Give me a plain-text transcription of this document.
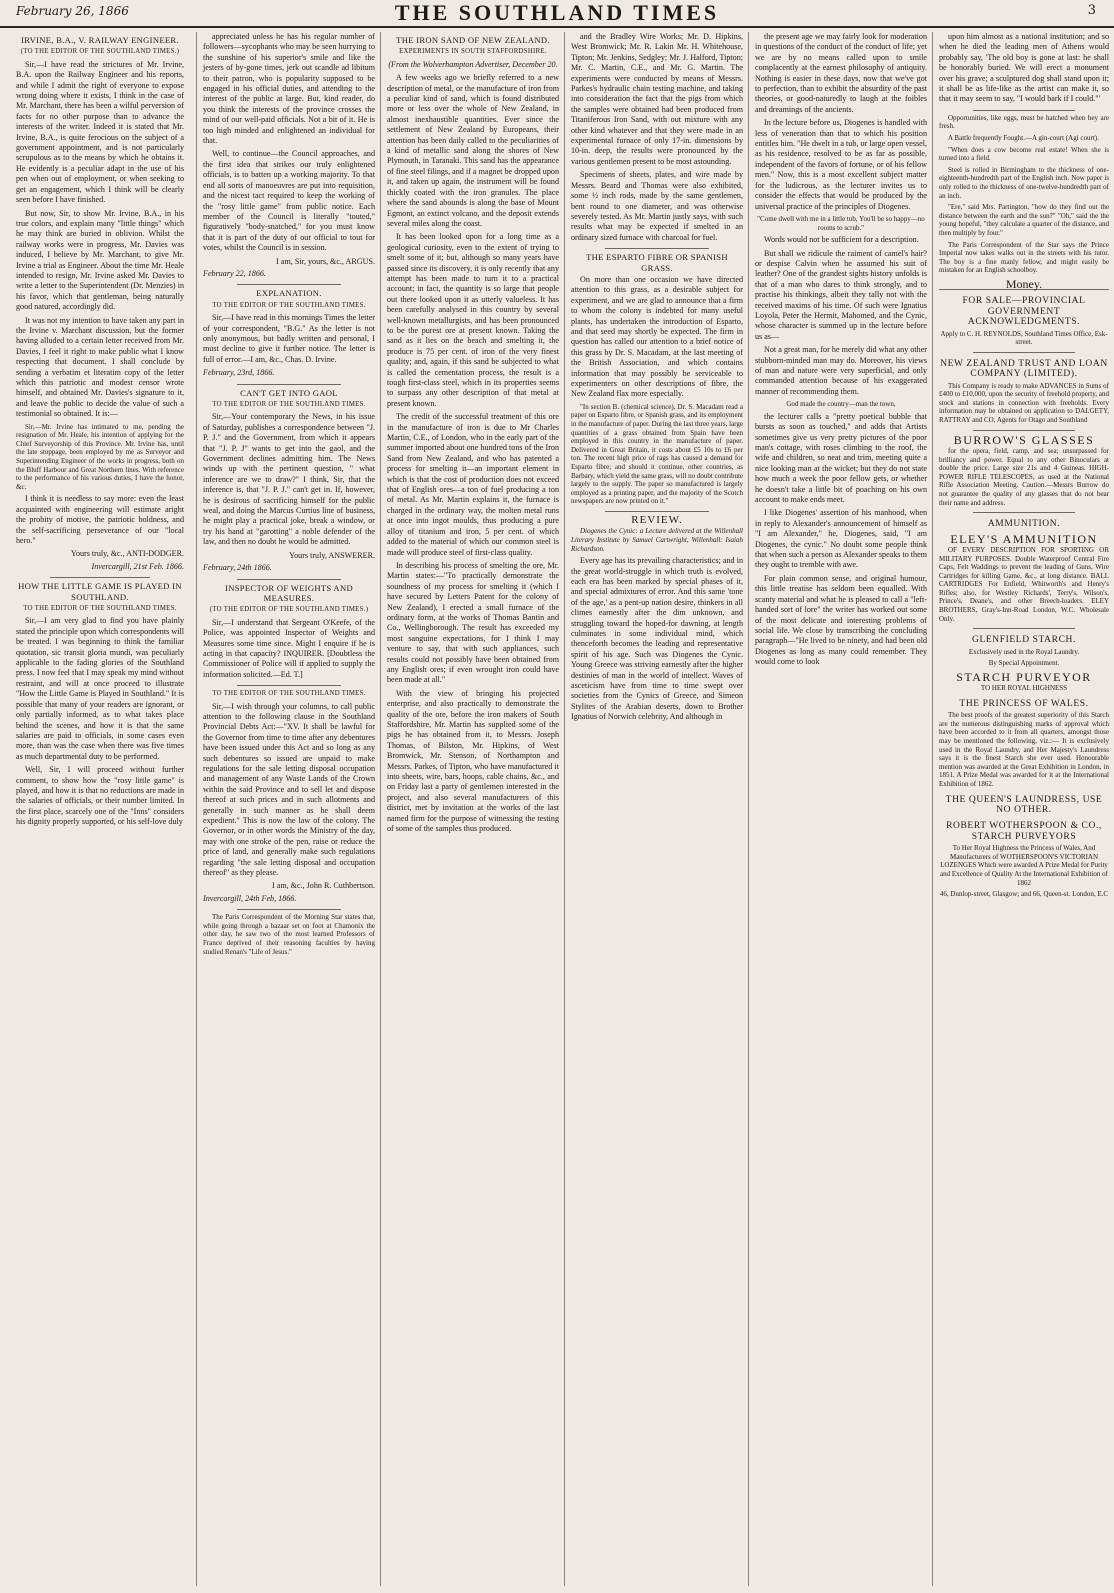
February 26, 1866	THE SOUTHLAND TIMES	3
IRVINE, B.A., V. RAILWAY ENGINEER.
(TO THE EDITOR OF THE SOUTHLAND TIMES.)

Sir,—I have read the strictures of Mr. Irvine, B.A. upon the Railway Engineer and his reports, and while I admit the right of everyone to expose wrong doing where it exists, I think in the case of Mr. Marchant, there has been a wilful perversion of facts for no other purpose than to advance the interests of the writer. Indeed it is stated that Mr. Irvine, B.A., is quite ferocious on the subject of a government appointment, and is not particularly scrupulous as to the means by which he obtains it. He evidently is a peculiar adapt in the use of his pen when out of employment, or when seeking to get an engagement, which I think will be clearly seen before I have finished.

But now, Sir, to show Mr. Irvine, B.A., in his true colors, and explain many "little things" which he may think are buried in oblivion. Whilst the railway works were in progress, Mr. Davies was induced, I believe by Mr. Marchant, to give Mr. Irvine a trial as Engineer. About the time Mr. Heale intended to resign, Mr. Irvine asked Mr. Davies to write a letter to the Superintendent (Dr. Menzies) in his favor, which that gentleman, being naturally good natured, accordingly did.

It was not my intention to have taken any part in the Irvine v. Marchant discussion, but the former having alluded to a certain letter received from Mr. Davies, I feel it right to make public what I know respecting that document. I shall conclude by sending a verbatim et literatim copy of the letter which this patriotic and modest censor wrote himself, and obtained Mr. Davies's signature to it, and leave the public to decide the value of such a testimonial so obtained. It is:—

Sir,—Mr. Irvine has intimated to me, pending the resignation of Mr. Heale, his intention of applying for the Chief Surveyorship of this Province. Mr. Irvine has, until the late stoppage, been employed by me as Surveyor and Superintending Engineer of the works in progress, both on the Bluff Harbour and Great Northern lines. With reference to the performance of his various duties, I have the honor, &c.

I think it is needless to say more: even the least acquainted with engineering will estimate aright the probity of motive, the patriotic boldness, and the self-sacrificing perseverance of our "local hero."

Yours truly, &c., ANTI-DODGER.
Invercargill, 21st Feb. 1866.
HOW THE LITTLE GAME IS PLAYED IN SOUTHLAND.
TO THE EDITOR OF THE SOUTHLAND TIMES.

Sir,—I am very glad to find you have plainly stated the principle upon which correspondents will be treated. I was beginning to think the familiar quotation, sic transit gloria mundi, was peculiarly applicable to the fading glories of the Southland press. I now feel that I may speak my mind without restraint, and will at once proceed to illustrate "How the Little Game is Played in Southland." It is possible that many of your readers are ignorant, or only partially informed, as to what takes place behind the scenes, and how it is that the same salaries are paid to officials, in some cases even more, than was the case when there was five times as much departmental duty to be performed.

Well, Sir, I will proceed without further comment, to show how the "rosy little game" is played, and how it is that no reductions are made in the salaries of officials, or their number limited. In the first place, scarcely one of the "Inns" considers his dignity properly supported, or his self-love duly

appreciated unless he has his regular number of followers—sycophants who may be seen hurrying to the sunshine of his superior's smile and like the jesters of by-gone times, jerk out scandle ad libitum to their patron, who is popularity supposed to be engaged in his official duties, and attending to the interest of the public at large. But, kind reader, do you think the interests of the province crosses the mind of our well-paid officials. Not a bit of it. He is too high minded and enlightened an individual for that.

Well, to continue—the Council approaches, and the first idea that strikes our truly enlightened officials, is to batten up a working majority. To that end all sorts of manoeuvres are put into requisition, and the nicest tact required to keep the working of the "rosy little game" from public notice. Each member of the Council is literally "touted," figuratively "body-snatched," for you must know that it is part of the duty of our official to tout for votes, whilst the Council is in session.

I am, Sir, yours, &c., ARGUS.
February 22, 1866.
EXPLANATION.
TO THE EDITOR OF THE SOUTHLAND TIMES.

Sir,—I have read in this mornings Times the letter of your correspondent, "B.G." As the letter is not only anonymous, but badly written and personal, I must decline to give it further notice. The letter is full of error.—I am, &c., Chas. D. Irvine.

February, 23rd, 1866.
CAN'T GET INTO GAOL
TO THE EDITOR OF THE SOUTHLAND TIMES.

Sir,—Your contemporary the News, in his issue of Saturday, publishes a correspondence between "J. P. J." and the Government, from which it appears that "J. P. J" wants to get into the gaol, and the Government declines admitting him. The News winds up with the pertinent question, " what inference are we to draw?" I think, Sir, that the inference is, that "J. P. J." can't get in. If, however, he is desirous of sacrificing himself for the public weal, and doing the Marcus Curtius line of business, he might play a practical joke, break a window, or try his hand at "garotting" a noble defender of the law, and then no doubt he would be admitted.

Yours truly, ANSWERER.
February, 24th 1866.
INSPECTOR OF WEIGHTS AND MEASURES.
(TO THE EDITOR OF THE SOUTHLAND TIMES.)

Sir,—I understand that Sergeant O'Keefe, of the Police, was appointed Inspector of Weights and Measures some time since. Might I enquire if he is acting in that capacity? INQUIRER. [Doubtless the Commissioner of Police will if applied to supply the information solicited.—Ed. T.]

TO THE EDITOR OF THE SOUTHLAND TIMES.

Sir,—I wish through your columns, to call public attention to the following clause in the Southland Provincial Debts Act:—"XV. It shall be lawful for the Governor from time to time after any debentures have been issued under this Act and so long as any such debentures so issued are unpaid to make regulations for the sale letting disposal occupation and management of any Waste Lands of the Crown within the said Province and to sell let and dispose thereof at such prices and in such allotments and generally in such manner as he shall deem expedient." This is now the law of the colony. The Governor, or in other words the Ministry of the day, may with one stroke of the pen, raise or reduce the price of land, and generally make such regulations regarding "the sale letting disposal and occupation thereof" as they please.

I am, &c., John R. Cuthbertson.
Invercargill, 24th Feb, 1866.

The Paris Correspondent of the Morning Star states that, while going through a bazaar set on foot at Chamonix the other day, he saw two of the most learned Professors of France deprived of their reasoning faculties by having studied Renan's "Life of Jesus."

THE IRON SAND OF NEW ZEALAND.
EXPERIMENTS IN SOUTH STAFFORDSHIRE.

(From the Wolverhampton Advertiser, December 20.

A few weeks ago we briefly referred to a new description of metal, or the manufacture of iron from a peculiar kind of sand, which is found distributed more or less over the whole of New Zealand, in almost inexhaustible quantities. Ever since the settlement of New Zealand by Europeans, their attention has been daily called to the peculiarities of a kind of metallic sand along the shores of New Plymouth, in Taranaki. This sand has the appearance of fine steel filings, and if a magnet be dropped upon it, and taken up again, the instrument will be found thickly coated with the iron granules. The place where the sand abounds is along the base of Mount Egmont, an extinct volcano, and the deposit extends several miles along the coast.

It has been looked upon for a long time as a geological curiosity, even to the extent of trying to smelt some of it; but, although so many years have passed since its discovery, it is only recently that any attempt has been made to turn it to a practical account; in fact, the quantity is so large that people out there looked upon it as utterly valueless. It has been carefully analysed in this country by several well-known metallurgists, and has been pronounced to be the purest ore at present known. Taking the sand as it lies on the beach and smelting it, the produce is 75 per cent. of iron of the very finest quality; and, again, if this sand be subjected to what is called the cementation process, the result is a tough first-class steel, which in its properties seems to surpass any other description of that metal at present known.

The credit of the successful treatment of this ore in the manufacture of iron is due to Mr Charles Martin, C.E., of London, who in the early part of the summer imported about one hundred tons of the Iron Sand from New Zealand, and who has patented a process for smelting it—an important element in which is that the cost of production does not exceed that of English ores—a ton of fuel producing a ton of metal. As Mr. Martin explains it, the furnace is charged in the ordinary way, the molten metal runs at once into ingot moulds, thus producing a pure alloy of titanium and iron, 5 per cent. of which added to the material of which our common steel is made will produce steel of first-class quality.

In describing his process of smelting the ore, Mr. Martin states:—"To practically demonstrate the soundness of my process for smelting it (which I have secured by Letters Patent for the colony of New Zealand), I erected a small furnace of the ordinary form, at the works of Thomas Bantin and Co., Wellingborough. The result has exceeded my most sanguine expectations, for I think I may venture to say, that with such appliances, such results could not possibly have been obtained from any English ores; if even wrought iron could have been made at all."

With the view of bringing his projected enterprise, and also practically to demonstrate the quality of the ore, before the iron makers of South Staffordshire, Mr. Martin has supplied some of the pigs he has obtained from it, to Messrs. Joseph Thomas, of Bilston, Mr. Hipkins, of West Bromwick, Mr. Stenson, of Northampton and Messrs. Parkes, of Tipton, who have manufactured it into sheets, wire, bars, hoops, cable chains, &c., and on Friday last a party of gentlemen interested in the project, and also several manufacturers of this district, met by invitation at the works of the last named firm for the purpose of witnessing the testing of some of the samples thus produced.

and the Bradley Wire Works; Mr. D. Hipkins, West Bromwick; Mr. R. Lakin Mr. H. Whitehouse, Tipton; Mr. Jenkins, Sedgley; Mr. J. Halford, Tipton; Mr. C. Martin, C.E., and Mr. G. Martin. The experiments were conducted by means of Messrs. Parkes's hydraulic chain testing machine, and taking into consideration the fact that the pigs from which the samples were obtained had been produced from Titaniferous Iron Sand, with out mixture with any other kind whatever and that they were made in an experimental furnace of only 17-in. dimensions by 10-in. deep, the results were pronounced by the various gentlemen present to be most astounding.

Specimens of sheets, plates, and wire made by Messrs. Beard and Thomas were also exhibited, some ½ inch rods, made by the same gentlemen, bent round to one diameter, and was otherwise severely tested. As Mr. Martin justly says, with such results what may be expected if smelted in an ordinary sized furnace with charcoal for fuel.

THE ESPARTO FIBRE OR SPANISH GRASS.

On more than one occasion we have directed attention to this grass, as a desirable subject for experiment, and we are glad to announce that a firm to whom the colony is indebted for many useful plants, has undertaken the introduction of Esparto, and that seed may shortly be expected. The firm in question has called our attention to a brief notice of this grass by Dr. S. Macadam, at the last meeting of the British Association, and which contains information that may possibly be serviceable to experimenters on other descriptions of fibre, the New Zealand flax more especially.

"In section B. (chemical science), Dr. S. Macadam read a paper on Esparto fibre, or Spanish grass, and its employment in the manufacture of paper. During the last three years, large quantities of a grass obtained from Spain have been employed in this country in the manufacture of paper. Delivered in Great Britain, it costs about £5 10s to £6 per ton. The recent high price of rags has caused a demand for Esparto fibre; and should it continue, other countries, as Barbary, which yield the same grass, will no doubt contribute largely to the supply. The paper so manufactured is largely employed as a printing paper, and the majority of the Scotch newspapers are now printed on it."

REVIEW.

Diogenes the Cynic: a Lecture delivered at the Willenhall Literary Institute by Samuel Cartwright, Willenhall: Isaiah Richardson.

Every age has its prevailing characteristics; and in the great world-struggle in which truth is evolved, each era has been marked by special phases of it, and special admixtures of error. And this same 'tone of the age,' as a pent-up nation desire, thinkers in all climes earnestly after the dim unknown, and struggling toward the hoped-for dawning, at length culminates in some individual mind, which thenceforth becomes the leading and representative spirit of his age. Such was Diogenes the Cynic. Young Greece was striving earnestly after the higher destinies of man in the world of intellect. Waves of asceticism have from time to time swept over societies from the Cynics of Greece, and Simeon Stylites of the Arabian deserts, down to Brother Ignatius of Norwich celebrity, And although in

the present age we may fairly look for moderation in questions of the conduct of the conduct of life; yet we are by no means called upon to smile complacently at the earnest philosophy of antiquity. Nothing is easier in these days, now that we've got to perfection, than to exhibit the absurdity of the past theories, or good-naturedly to laugh at the foibles and dreamings of the ancients.

In the lecture before us, Diogenes is handled with less of veneration than that to which his position entitles him. "He dwelt in a tub, or large open vessel, as his residence, resolved to be as far as possible, independent of the favors of fortune, or of his fellow men." Now, this is a most excellent subject matter for the ludicrous, as the lecturer invites us to consider the effects that would be produced by the universal practice of the principles of Diogenes.

"Come dwell with me in a little tub, You'll be so happy—no rooms to scrub."

Words would not be sufficient for a description.

But shall we ridicule the raiment of camel's hair? or despise Calvin when he assumed his suit of leather? One of the grandest sights history unfolds is that of a man who dares to think strongly, and to practise his thinkings, albeit they tally not with the received maxims of his time. Of such were Ignatius Loyola, Peter the Hermit, Mahomed, and the Cynic, whose character is summed up in the lecture before us as—

Not a great man, for he merely did what any other stubborn-minded man may do. Moreover, his views of man and nature were very superficial, and only commanded attention because of his exaggerated manner of recommending them.

God made the country—man the town,

the lecturer calls a "pretty poetical bubble that bursts as soon as touched," and adds that Artists sometimes give us very pretty pictures of the poor man's cottage, with roses climbing to the roof, the wife and children, so neat and trim, meeting quite a nice looking man at the wicket; but they do not state how much a week the poor fellow gets, or whether he doesn't take a little bit of poaching on his own account to make ends meet.

I like Diogenes' assertion of his manhood, when in reply to Alexander's announcement of himself as "I am Alexander," he, Diogenes, said, "I am Diogenes, the cynic." No doubt some people think that when such a person as Alexander speaks to them they ought to tremble with awe.

For plain common sense, and original humour, this little treatise has seldom been equalled. With scanty material and what he is pleased to call a "left-handed sort of lore" the writer has worked out some of the most delicate and interesting problems of social life. We close by transcribing the concluding paragraph—"He lived to be ninety, and had been old Diogenes as long as many could remember. They would come to look

upon him almost as a national institution; and so when he died the leading men of Athens would probably say, 'The old boy is gone at last: he shall be honorably buried. We will erect a monument over his grave; a sculptured dog shall stand upon it; it shall be as life-like as the artist can make it, so that it may seem to say, "I would bark if I could."'

Opportunities, like eggs, must be hatched when hey are fresh.

A Battle frequently Fought.—A gin-court (Agi court).

"When does a cow become real estate! When she is turned into a field.

Steel is rolled in Birmingham to the thickness of one-eighteenth-hundredth part of the English inch. Now paper is only rolled to the thickness of one-twelve-hundredth part of an inch.

"Ere," said Mrs. Partington, "how do they find out the distance between the earth and the sun?" "Oh," said the the young hopeful, "they calculate a quarter of the distance, and then multiply by four."

The Paris Correspondent of the Star says the Prince Imperial now takes walks out in the streets with his tutor. The boy is a fine manly fellow, and might easily be mistaken for an English schoolboy.

Money.
FOR SALE—PROVINCIAL GOVERNMENT ACKNOWLEDGMENTS.

Apply to C. H. REYNOLDS, Southland Times Office, Esk-street.

NEW ZEALAND TRUST AND LOAN COMPANY (LIMITED).

This Company is ready to make ADVANCES in Sums of £400 to £10,000, upon the security of freehold property, and stock and stations in connection with freeholds. Every information may be obtained on application to DALGETY, RATTRAY and CO, Agents for Otago and Southland

BURROW'S GLASSES

for the opera, field, camp, and sea; unsurpassed for brilliancy and power. Equal to any other Binoculars at double the price. Large size 21s and 4 Guineas. HIGH-POWER RIFLE TELESCOPES, as used at the National Rifle Association Meeting. Caution.—Messrs Burrow do not guarantee the quality of any glasses that do not bear their name and address.

AMMUNITION.
ELEY'S AMMUNITION

OF EVERY DESCRIPTION FOR SPORTING OR MILITARY PURPOSES. Double Waterproof Central Fire Caps, Felt Waddings to prevent the leading of Guns, Wire Cartridges for killing Game, &c., at long distance. BALL CARTRIDGES For Enfield, Whitworth's and Henry's Rifles; also, for Westley Richards', Terry's, Wilson's, Prince's, Deane's, and other Breech-loaders. ELEY BROTHERS, Gray's-Inn-Road London, W.C. Wholesale Only.

GLENFIELD STARCH.

Exclusively used in the Royal Laundry.

By Special Appointment.

STARCH PURVEYOR

TO HER ROYAL HIGHNESS

THE PRINCESS OF WALES.

The best proofs of the greatest superiority of this Starch are the numerous distinguishing marks of approval which have been accorded to it from all quarters, amongst those may be mentioned the following, viz.:— It is exclusively used in the Royal Laundry, and Her Majesty's Laundress says it is the finest Starch she ever used. Honourable mention was awarded at the Great Exhibition in London, in 1851. A Prize Medal was awarded for it at the International Exhibition of 1862.

THE QUEEN'S LAUNDRESS, USE NO OTHER.
ROBERT WOTHERSPOON & CO., STARCH PURVEYORS

To Her Royal Highness the Princess of Wales, And Manufacturers of WOTHERSPOON'S VICTORIAN LOZENGES Which were awarded A Prize Medal for Purity and Excellence of Quality At the International Exhibition of 1862

46, Dunlop-street, Glasgow; and 66, Queen-st. London, E.C
